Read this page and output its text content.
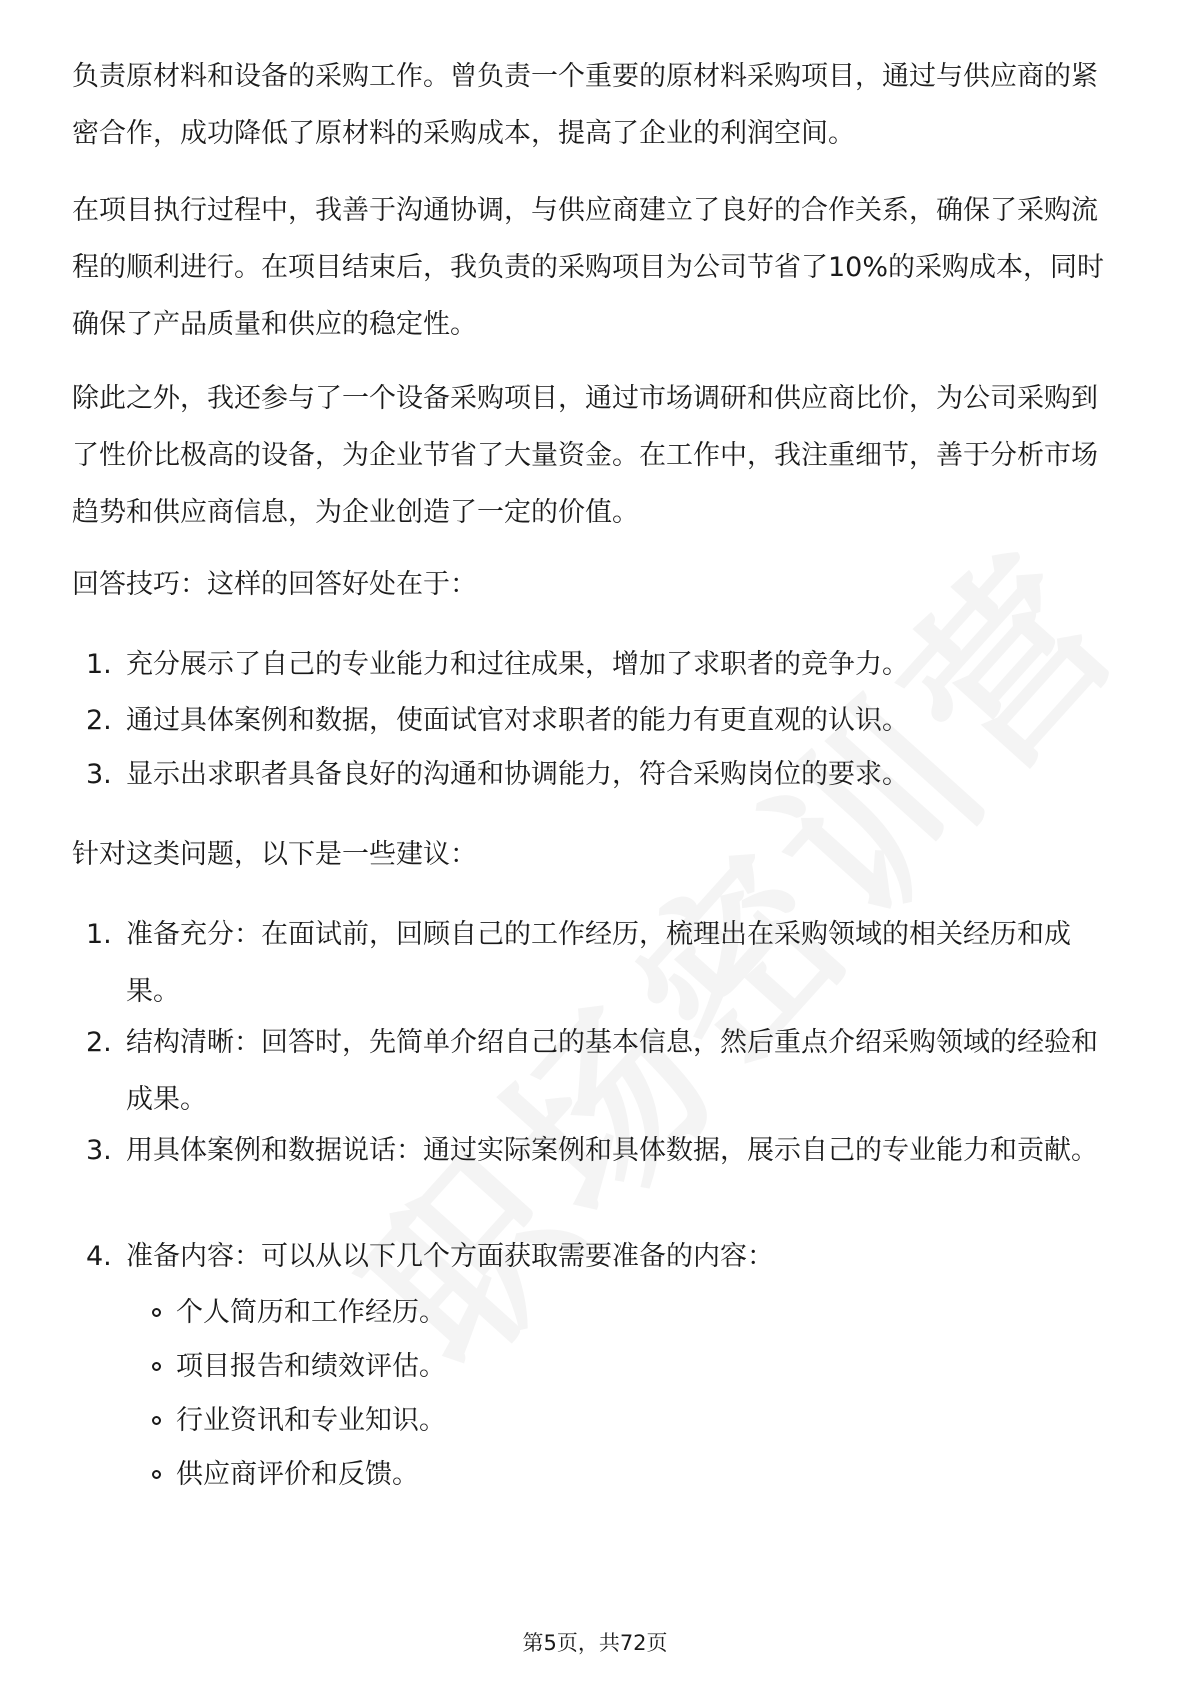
负责原材料和设备的采购工作。曾负责一个重要的原材料采购项目，通过与供应商的紧密合作，成功降低了原材料的采购成本，提高了企业的利润空间。

在项目执行过程中，我善于沟通协调，与供应商建立了良好的合作关系，确保了采购流程的顺利进行。在项目结束后，我负责的采购项目为公司节省了10%的采购成本，同时确保了产品质量和供应的稳定性。

除此之外，我还参与了一个设备采购项目，通过市场调研和供应商比价，为公司采购到了性价比极高的设备，为企业节省了大量资金。在工作中，我注重细节，善于分析市场趋势和供应商信息，为企业创造了一定的价值。

回答技巧：这样的回答好处在于：

1. 充分展示了自己的专业能力和过往成果，增加了求职者的竞争力。
2. 通过具体案例和数据，使面试官对求职者的能力有更直观的认识。
3. 显示出求职者具备良好的沟通和协调能力，符合采购岗位的要求。

针对这类问题，以下是一些建议：

1. 准备充分：在面试前，回顾自己的工作经历，梳理出在采购领域的相关经历和成果。
2. 结构清晰：回答时，先简单介绍自己的基本信息，然后重点介绍采购领域的经验和成果。
3. 用具体案例和数据说话：通过实际案例和具体数据，展示自己的专业能力和贡献。
4. 准备内容：可以从以下几个方面获取需要准备的内容：
个人简历和工作经历。
项目报告和绩效评估。
行业资讯和专业知识。
供应商评价和反馈。
第5页，共72页
